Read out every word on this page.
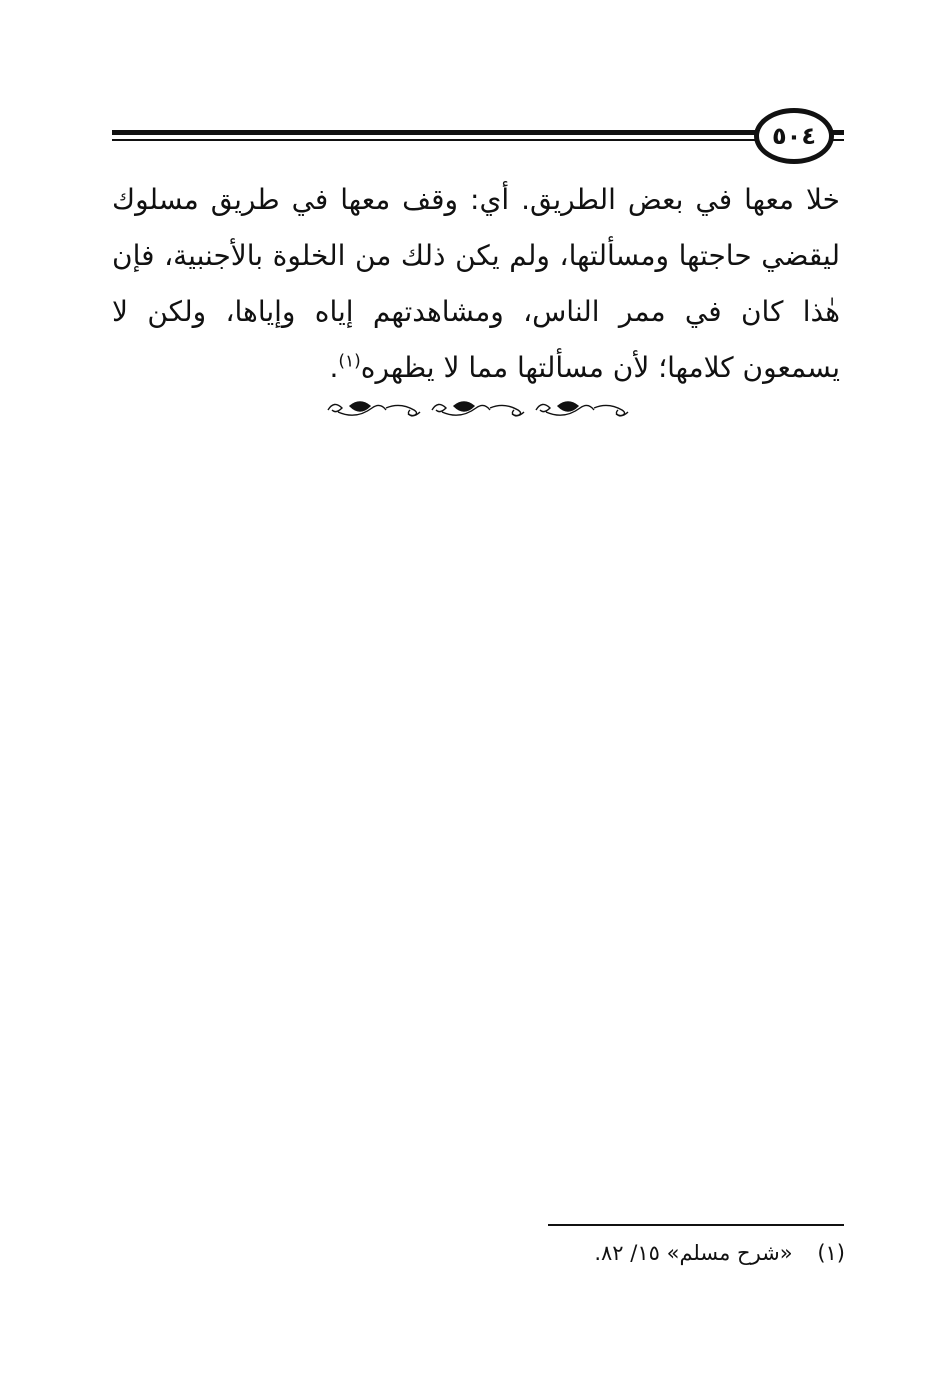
٥٠٤
خلا معها في بعض الطريق. أي: وقف معها في طريق مسلوك ليقضي حاجتها ومسألتها، ولم يكن ذلك من الخلوة بالأجنبية، فإن هٰذا كان في ممر الناس، ومشاهدتهم إياه وإياها، ولكن لا يسمعون كلامها؛ لأن مسألتها مما لا يظهره$^{(١)}$.
(١) «شرح مسلم» ١٥/ ٨٢.
